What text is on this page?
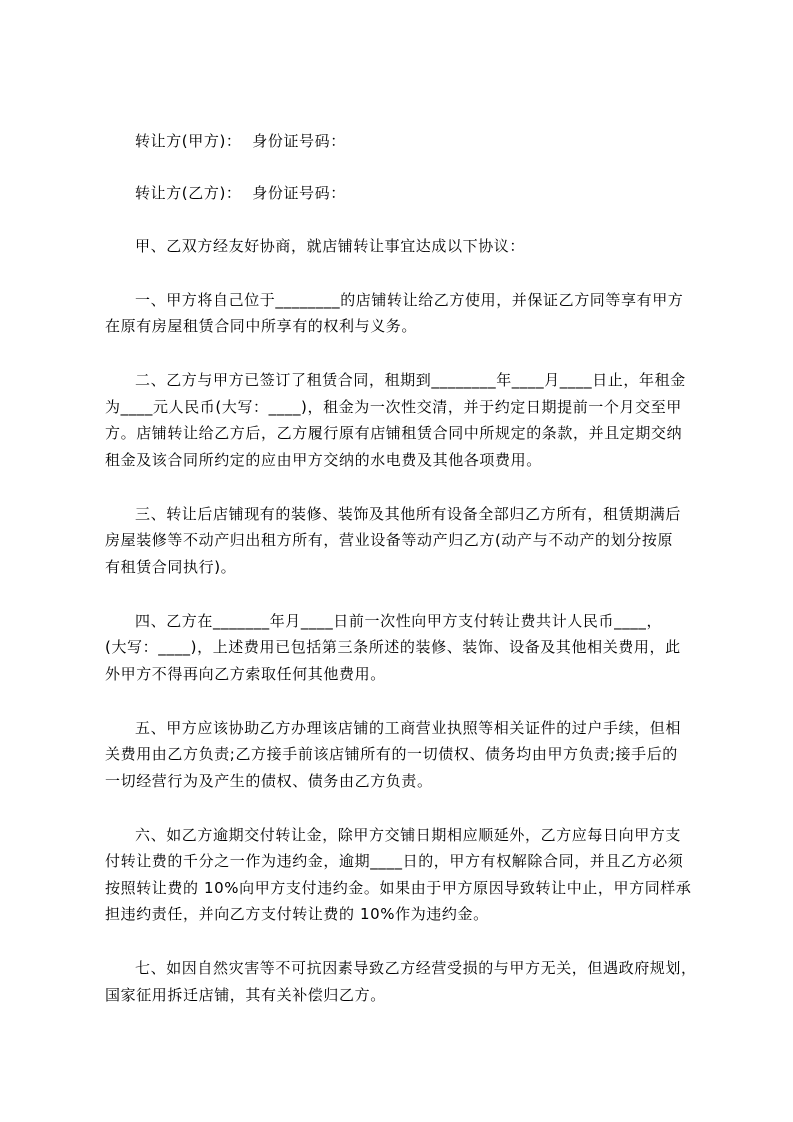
转让方(甲方)：  身份证号码：
转让方(乙方)：  身份证号码：
甲、乙双方经友好协商，就店铺转让事宜达成以下协议：
一、甲方将自己位于________的店铺转让给乙方使用，并保证乙方同等享有甲方
在原有房屋租赁合同中所享有的权利与义务。
二、乙方与甲方已签订了租赁合同，租期到________年____月____日止，年租金
为____元人民币(大写：____)，租金为一次性交清，并于约定日期提前一个月交至甲
方。店铺转让给乙方后，乙方履行原有店铺租赁合同中所规定的条款，并且定期交纳
租金及该合同所约定的应由甲方交纳的水电费及其他各项费用。
三、转让后店铺现有的装修、装饰及其他所有设备全部归乙方所有，租赁期满后
房屋装修等不动产归出租方所有，营业设备等动产归乙方(动产与不动产的划分按原
有租赁合同执行)。
四、乙方在_______年月____日前一次性向甲方支付转让费共计人民币____，
(大写：____)，上述费用已包括第三条所述的装修、装饰、设备及其他相关费用，此
外甲方不得再向乙方索取任何其他费用。
五、甲方应该协助乙方办理该店铺的工商营业执照等相关证件的过户手续，但相
关费用由乙方负责;乙方接手前该店铺所有的一切债权、债务均由甲方负责;接手后的
一切经营行为及产生的债权、债务由乙方负责。
六、如乙方逾期交付转让金，除甲方交铺日期相应顺延外，乙方应每日向甲方支
付转让费的千分之一作为违约金，逾期____日的，甲方有权解除合同，并且乙方必须
按照转让费的 10%向甲方支付违约金。如果由于甲方原因导致转让中止，甲方同样承
担违约责任，并向乙方支付转让费的 10%作为违约金。
七、如因自然灾害等不可抗因素导致乙方经营受损的与甲方无关，但遇政府规划，
国家征用拆迁店铺，其有关补偿归乙方。
